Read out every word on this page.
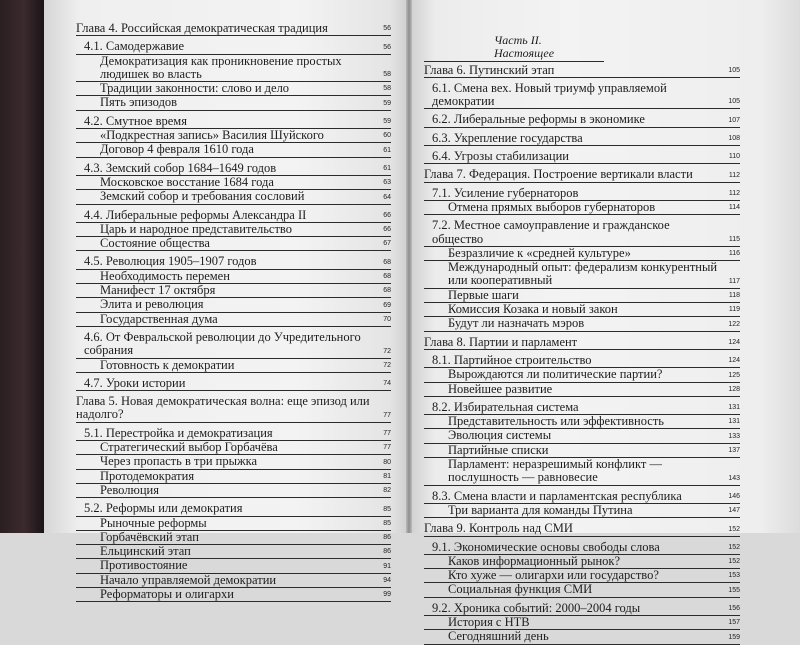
Глава 4. Российская демократическая традиция	56
4.1. Самодержавие	56
Демократизация как проникновение простых людишек во власть	58
Традиции законности: слово и дело	58
Пять эпизодов	59
4.2. Смутное время	59
«Подкрестная запись» Василия Шуйского	60
Договор 4 февраля 1610 года	61
4.3. Земский собор 1684–1649 годов	61
Московское восстание 1684 года	63
Земский собор и требования сословий	64
4.4. Либеральные реформы Александра II	66
Царь и народное представительство	66
Состояние общества	67
4.5. Революция 1905–1907 годов	68
Необходимость перемен	68
Манифест 17 октября	68
Элита и революция	69
Государственная дума	70
4.6. От Февральской революции до Учредительного собрания	72
Готовность к демократии	72
4.7. Уроки истории	74
Глава 5. Новая демократическая волна: еще эпизод или надолго?	77
5.1. Перестройка и демократизация	77
Стратегический выбор Горбачёва	77
Через пропасть в три прыжка	80
Протодемократия	81
Революция	82
5.2. Реформы или демократия	85
Рыночные реформы	85
Горбачёвский этап	86
Ельцинский этап	86
Противостояние	91
Начало управляемой демократии	94
Реформаторы и олигархи	99
Часть II. Настоящее
Глава 6. Путинский этап	105
6.1. Смена вех. Новый триумф управляемой демократии	105
6.2. Либеральные реформы в экономике	107
6.3. Укрепление государства	108
6.4. Угрозы стабилизации	110
Глава 7. Федерация. Построение вертикали власти	112
7.1. Усиление губернаторов	112
Отмена прямых выборов губернаторов	114
7.2. Местное самоуправление и гражданское общество	115
Безразличие к «средней культуре»	116
Международный опыт: федерализм конкурентный или кооперативный	117
Первые шаги	118
Комиссия Козака и новый закон	119
Будут ли назначать мэров	122
Глава 8. Партии и парламент	124
8.1. Партийное строительство	124
Вырождаются ли политические партии?	125
Новейшее развитие	128
8.2. Избирательная система	131
Представительность или эффективность	131
Эволюция системы	133
Партийные списки	137
Парламент: неразрешимый конфликт — послушность — равновесие	143
8.3. Смена власти и парламентская республика	146
Три варианта для команды Путина	147
Глава 9. Контроль над СМИ	152
9.1. Экономические основы свободы слова	152
Каков информационный рынок?	152
Кто хуже — олигархи или государство?	153
Социальная функция СМИ	155
9.2. Хроника событий: 2000–2004 годы	156
История с НТВ	157
Сегодняшний день	159
